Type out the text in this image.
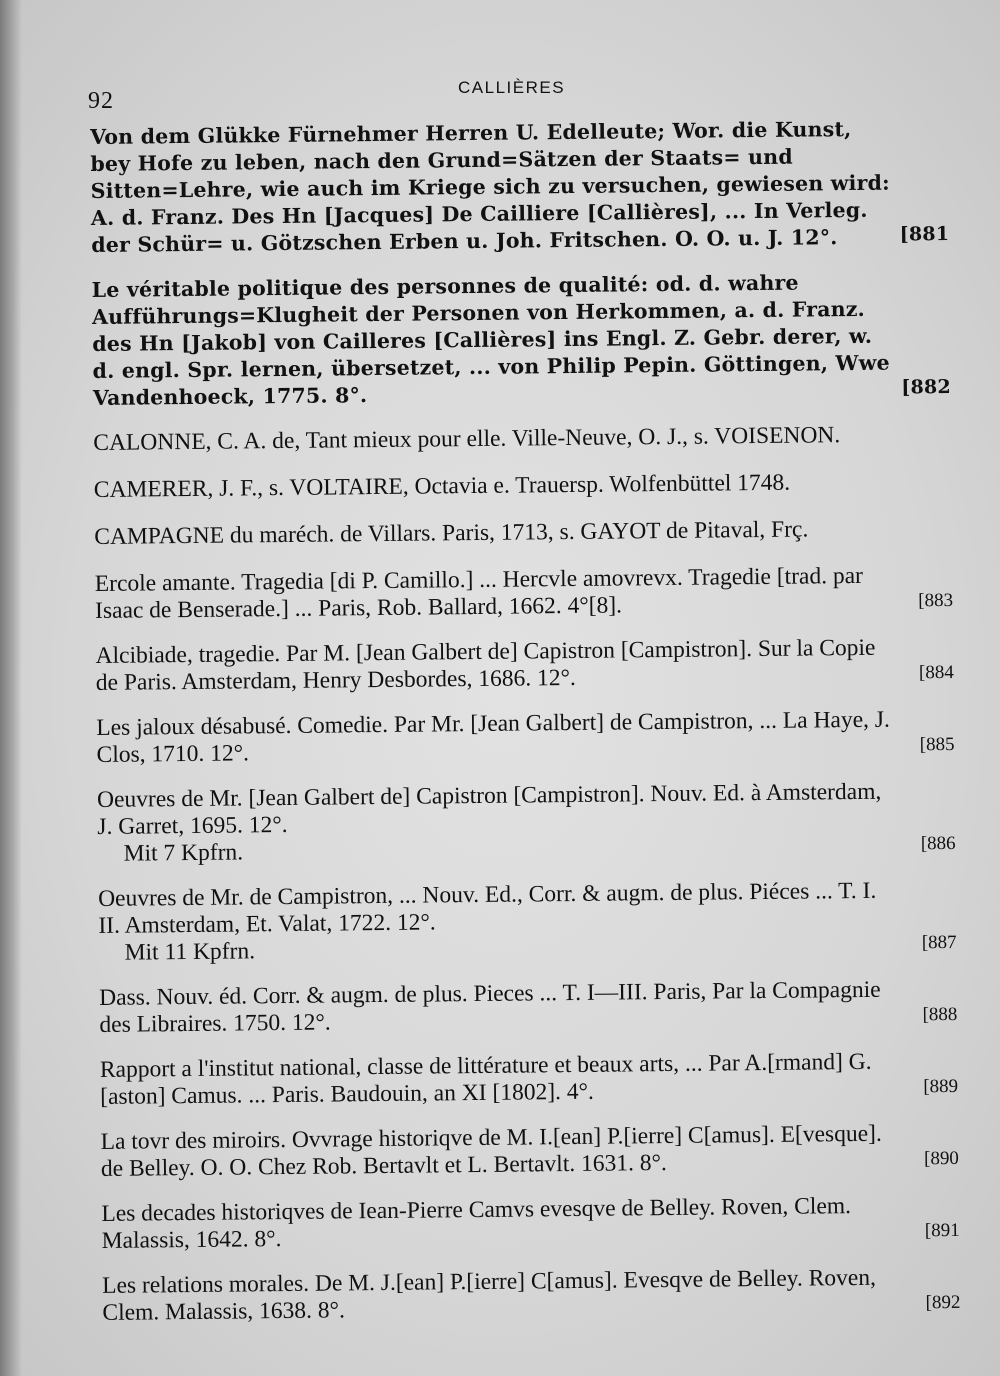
92
CALLIÈRES
Von dem Glükke Fürnehmer Herren U. Edelleute; Wor. die Kunst, bey Hofe zu leben, nach den Grund=Sätzen der Staats= und Sitten=Lehre, wie auch im Kriege sich zu versuchen, gewiesen wird: A. d. Franz. Des Hn [Jacques] De Cailliere [Callières], ... In Verleg. der Schür= u. Götzschen Erben u. Joh. Fritschen. O. O. u. J. 12°.	[881
Le véritable politique des personnes de qualité: od. d. wahre Aufführungs=Klugheit der Personen von Herkommen, a. d. Franz. des Hn [Jakob] von Cailleres [Callières] ins Engl. Z. Gebr. derer, w. d. engl. Spr. lernen, übersetzet, ... von Philip Pepin. Göttingen, Wwe Vandenhoeck, 1775. 8°.	[882
CALONNE, C. A. de, Tant mieux pour elle. Ville-Neuve, O. J., s. VOISENON.
CAMERER, J. F., s. VOLTAIRE, Octavia e. Trauersp. Wolfenbüttel 1748.
CAMPAGNE du maréch. de Villars. Paris, 1713, s. GAYOT de Pitaval, Frç.
Ercole amante. Tragedia [di P. Camillo.] ... Hercvle amovrevx. Tragedie [trad. par Isaac de Benserade.] ... Paris, Rob. Ballard, 1662. 4°[8].	[883
Alcibiade, tragedie. Par M. [Jean Galbert de] Capistron [Campistron]. Sur la Copie de Paris. Amsterdam, Henry Desbordes, 1686. 12°.	[884
Les jaloux désabusé. Comedie. Par Mr. [Jean Galbert] de Campistron, ... La Haye, J. Clos, 1710. 12°.	[885
Oeuvres de Mr. [Jean Galbert de] Capistron [Campistron]. Nouv. Ed. à Amsterdam, J. Garret, 1695. 12°.
Mit 7 Kpfrn.	[886
Oeuvres de Mr. de Campistron, ... Nouv. Ed., Corr. & augm. de plus. Piéces ... T. I. II. Amsterdam, Et. Valat, 1722. 12°.
Mit 11 Kpfrn.	[887
Dass. Nouv. éd. Corr. & augm. de plus. Pieces ... T. I—III. Paris, Par la Compagnie des Libraires. 1750. 12°.	[888
Rapport a l'institut national, classe de littérature et beaux arts, ... Par A.[rmand] G.[aston] Camus. ... Paris. Baudouin, an XI [1802]. 4°.	[889
La tovr des miroirs. Ovvrage historiqve de M. I.[ean] P.[ierre] C[amus]. E[vesque]. de Belley. O. O. Chez Rob. Bertavlt et L. Bertavlt. 1631. 8°.	[890
Les decades historiqves de Iean-Pierre Camvs evesqve de Belley. Roven, Clem. Malassis, 1642. 8°.	[891
Les relations morales. De M. J.[ean] P.[ierre] C[amus]. Evesqve de Belley. Roven, Clem. Malassis, 1638. 8°.	[892
